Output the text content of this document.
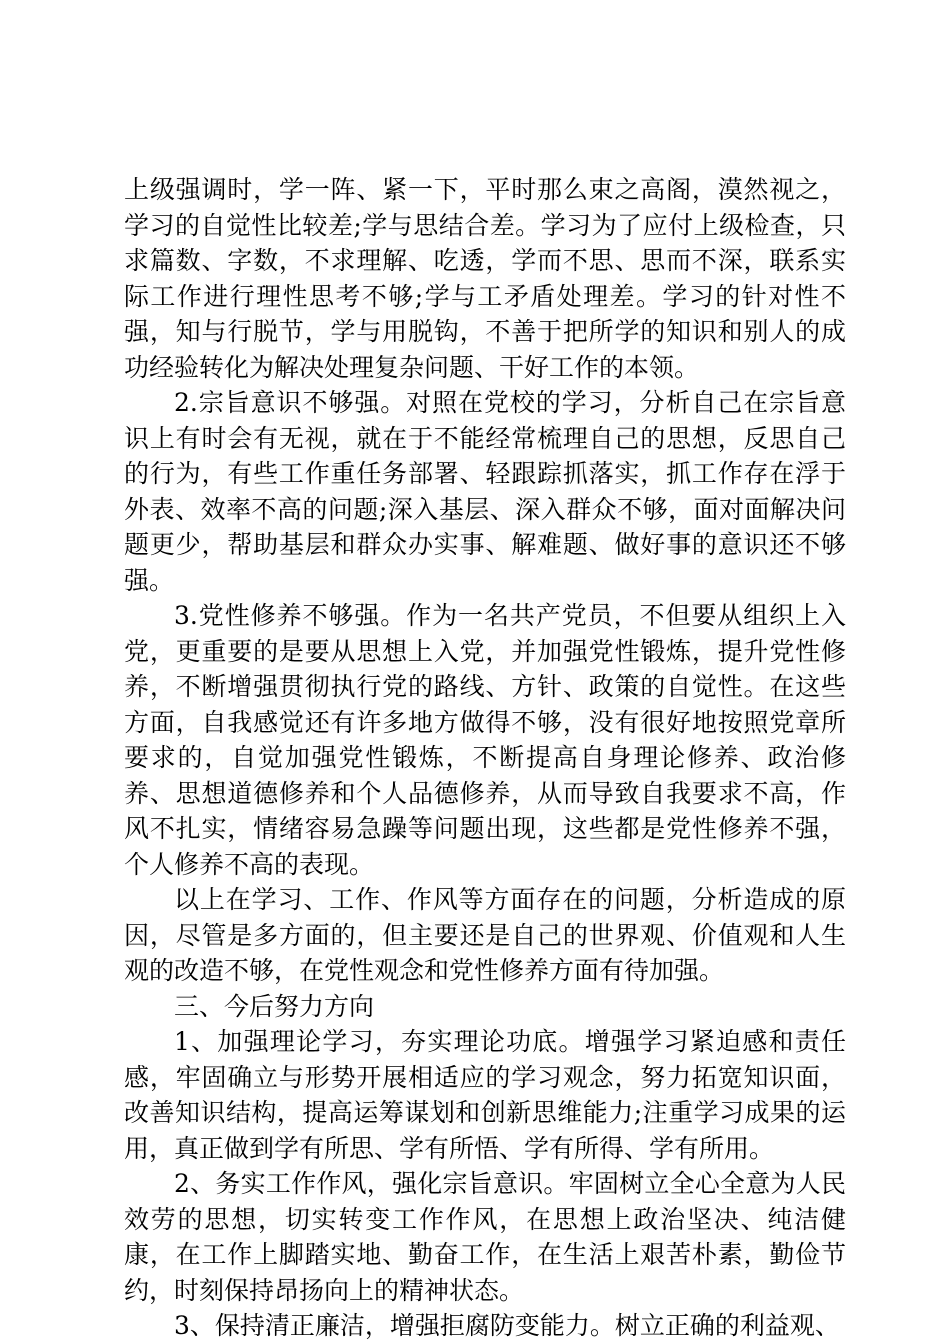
上级强调时，学一阵、紧一下，平时那么束之高阁，漠然视之，学习的自觉性比较差;学与思结合差。学习为了应付上级检查，只求篇数、字数，不求理解、吃透，学而不思、思而不深，联系实际工作进行理性思考不够;学与工矛盾处理差。学习的针对性不强，知与行脱节，学与用脱钩，不善于把所学的知识和别人的成功经验转化为解决处理复杂问题、干好工作的本领。

2.宗旨意识不够强。对照在党校的学习，分析自己在宗旨意识上有时会有无视，就在于不能经常梳理自己的思想，反思自己的行为，有些工作重任务部署、轻跟踪抓落实，抓工作存在浮于外表、效率不高的问题;深入基层、深入群众不够，面对面解决问题更少，帮助基层和群众办实事、解难题、做好事的意识还不够强。

3.党性修养不够强。作为一名共产党员，不但要从组织上入党，更重要的是要从思想上入党，并加强党性锻炼，提升党性修养，不断增强贯彻执行党的路线、方针、政策的自觉性。在这些方面，自我感觉还有许多地方做得不够，没有很好地按照党章所要求的，自觉加强党性锻炼，不断提高自身理论修养、政治修养、思想道德修养和个人品德修养，从而导致自我要求不高，作风不扎实，情绪容易急躁等问题出现，这些都是党性修养不强，个人修养不高的表现。

以上在学习、工作、作风等方面存在的问题，分析造成的原因，尽管是多方面的，但主要还是自己的世界观、价值观和人生观的改造不够，在党性观念和党性修养方面有待加强。

三、今后努力方向

1、加强理论学习，夯实理论功底。增强学习紧迫感和责任感，牢固确立与形势开展相适应的学习观念，努力拓宽知识面，改善知识结构，提高运筹谋划和创新思维能力;注重学习成果的运用，真正做到学有所思、学有所悟、学有所得、学有所用。

2、务实工作作风，强化宗旨意识。牢固树立全心全意为人民效劳的思想，切实转变工作作风，在思想上政治坚决、纯洁健康，在工作上脚踏实地、勤奋工作，在生活上艰苦朴素，勤俭节约，时刻保持昂扬向上的精神状态。

3、保持清正廉洁，增强拒腐防变能力。树立正确的利益观、
